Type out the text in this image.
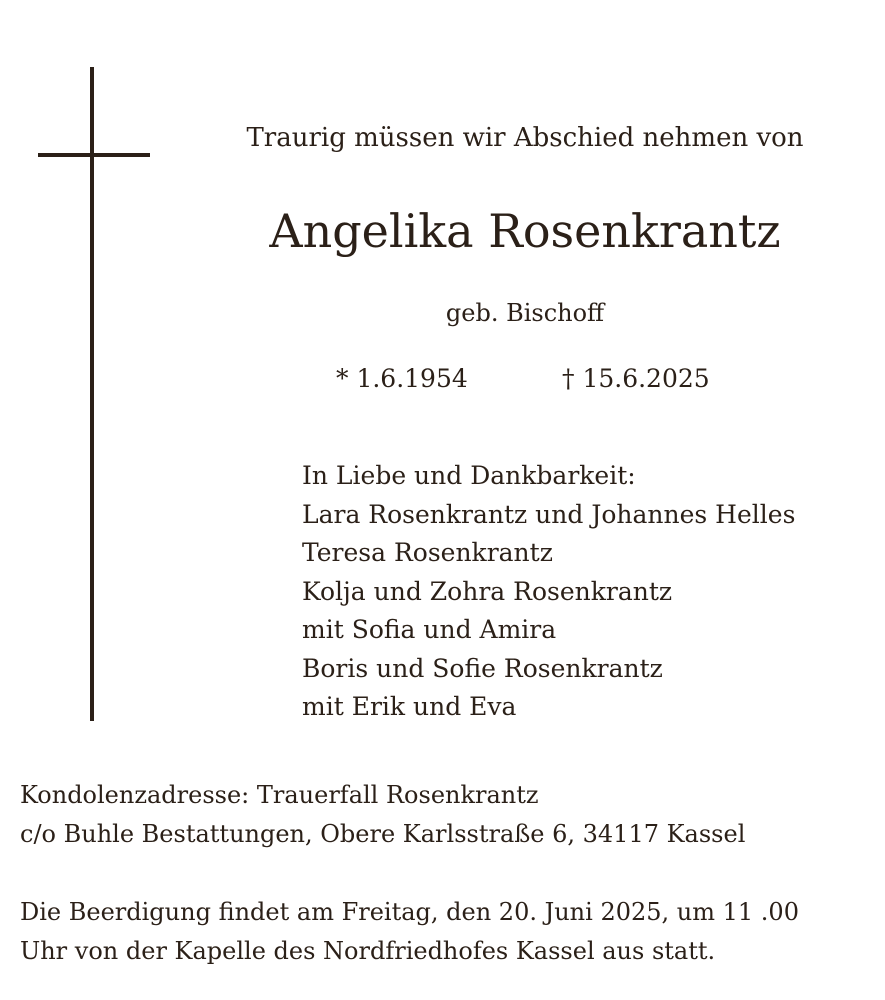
Traurig müssen wir Abschied nehmen von
Angelika Rosenkrantz
geb. Bischoff
* 1.6.1954	† 15.6.2025
In Liebe und Dankbarkeit:
Lara Rosenkrantz und Johannes Helles
Teresa Rosenkrantz
Kolja und Zohra Rosenkrantz
mit Sofia und Amira
Boris und Sofie Rosenkrantz
mit Erik und Eva
Kondolenzadresse: Trauerfall Rosenkrantz
c/o Buhle Bestattungen, Obere Karlsstraße 6, 34117 Kassel
Die Beerdigung findet am Freitag, den 20. Juni 2025, um 11 .00
Uhr von der Kapelle des Nordfriedhofes Kassel aus statt.
